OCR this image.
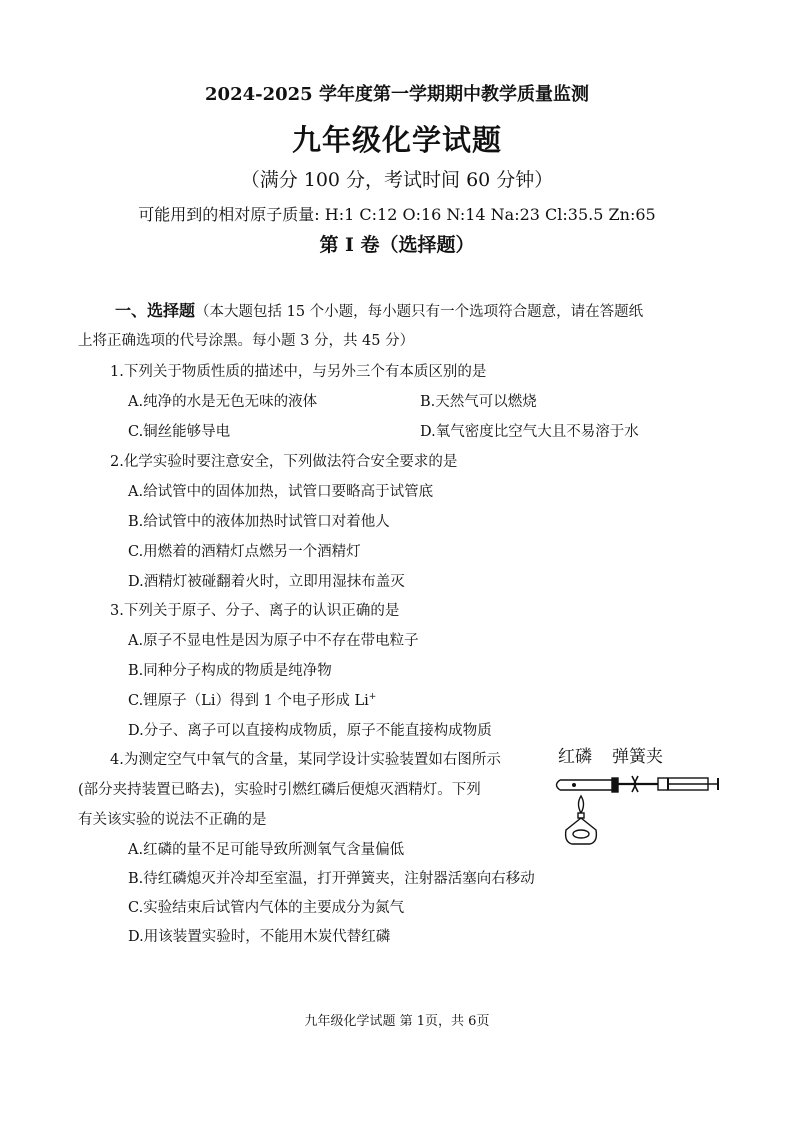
2024-2025 学年度第一学期期中教学质量监测
九年级化学试题
（满分 100 分，考试时间 60 分钟）
可能用到的相对原子质量: H:1 C:12 O:16 N:14 Na:23 Cl:35.5 Zn:65
第 I 卷（选择题）
一、选择题（本大题包括 15 个小题，每小题只有一个选项符合题意，请在答题纸
上将正确选项的代号涂黑。每小题 3 分，共 45 分）
1.下列关于物质性质的描述中，与另外三个有本质区别的是
A.纯净的水是无色无味的液体	B.天然气可以燃烧
C.铜丝能够导电	D.氧气密度比空气大且不易溶于水
2.化学实验时要注意安全，下列做法符合安全要求的是
A.给试管中的固体加热，试管口要略高于试管底
B.给试管中的液体加热时试管口对着他人
C.用燃着的酒精灯点燃另一个酒精灯
D.酒精灯被碰翻着火时，立即用湿抹布盖灭
3.下列关于原子、分子、离子的认识正确的是
A.原子不显电性是因为原子中不存在带电粒子
B.同种分子构成的物质是纯净物
C.锂原子（Li）得到 1 个电子形成 Li+
D.分子、离子可以直接构成物质，原子不能直接构成物质
4.为测定空气中氧气的含量，某同学设计实验装置如右图所示
(部分夹持装置已略去)，实验时引燃红磷后便熄灭酒精灯。下列
有关该实验的说法不正确的是
A.红磷的量不足可能导致所测氧气含量偏低
B.待红磷熄灭并冷却至室温，打开弹簧夹，注射器活塞向右移动
C.实验结束后试管内气体的主要成分为氮气
D.用该装置实验时，不能用木炭代替红磷
红磷 弹簧夹
九年级化学试题 第 1页，共 6页
